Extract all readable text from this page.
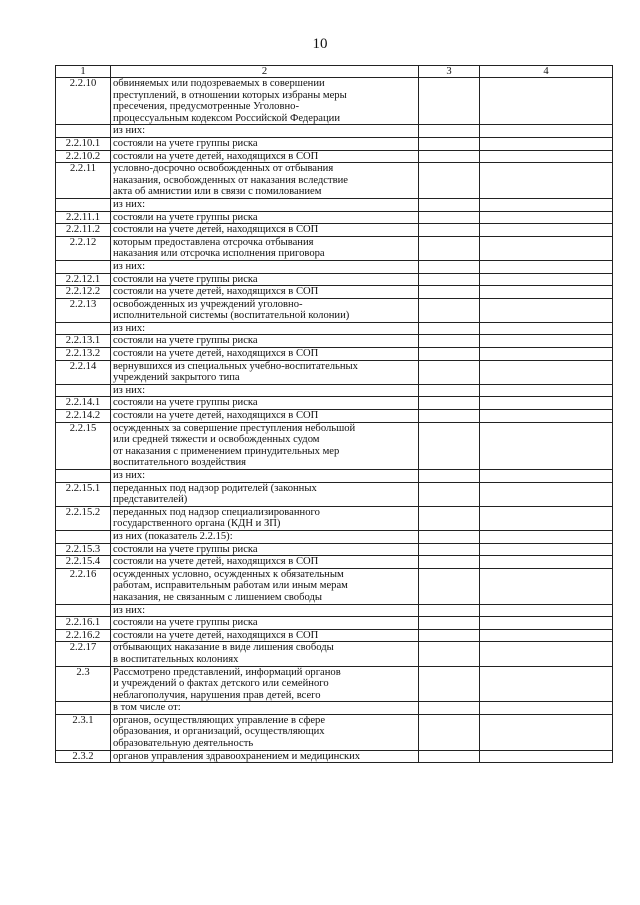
10
1	2	3	4
2.2.10	обвиняемых или подозреваемых в совершении
преступлений, в отношении которых избраны меры
пресечения, предусмотренные Уголовно-
процессуальным кодексом Российской Федерации		

	из них:		

2.2.10.1	состояли на учете группы риска		

2.2.10.2	состояли на учете детей, находящихся в СОП		

2.2.11	условно-досрочно освобожденных от отбывания
наказания, освобожденных от наказания вследствие
акта об амнистии или в связи с помилованием		

	из них:		

2.2.11.1	состояли на учете группы риска		

2.2.11.2	состояли на учете детей, находящихся в СОП		

2.2.12	которым предоставлена отсрочка отбывания
наказания или отсрочка исполнения приговора		

	из них:		

2.2.12.1	состояли на учете группы риска		

2.2.12.2	состояли на учете детей, находящихся в СОП		

2.2.13	освобожденных из учреждений уголовно-
исполнительной системы (воспитательной колонии)		

	из них:		

2.2.13.1	состояли на учете группы риска		

2.2.13.2	состояли на учете детей, находящихся в СОП		

2.2.14	вернувшихся из специальных учебно-воспитательных
учреждений закрытого типа		

	из них:		

2.2.14.1	состояли на учете группы риска		

2.2.14.2	состояли на учете детей, находящихся в СОП		

2.2.15	осужденных за совершение преступления небольшой
или средней тяжести и освобожденных судом
от наказания с применением принудительных мер
воспитательного воздействия		

	из них:		

2.2.15.1	переданных под надзор родителей (законных
представителей)		

2.2.15.2	переданных под надзор специализированного
государственного органа (КДН и ЗП)		

	из них (показатель 2.2.15):		

2.2.15.3	состояли на учете группы риска		

2.2.15.4	состояли на учете детей, находящихся в СОП		

2.2.16	осужденных условно, осужденных к обязательным
работам, исправительным работам или иным мерам
наказания, не связанным с лишением свободы		

	из них:		

2.2.16.1	состояли на учете группы риска		

2.2.16.2	состояли на учете детей, находящихся в СОП		

2.2.17	отбывающих наказание в виде лишения свободы
в воспитательных колониях		

2.3	Рассмотрено представлений, информаций органов
и учреждений о фактах детского или семейного
неблагополучия, нарушения прав детей, всего		

	в том числе от:		

2.3.1	органов, осуществляющих управление в сфере
образования, и организаций, осуществляющих
образовательную деятельность		

2.3.2	органов управления здравоохранением и медицинских		
